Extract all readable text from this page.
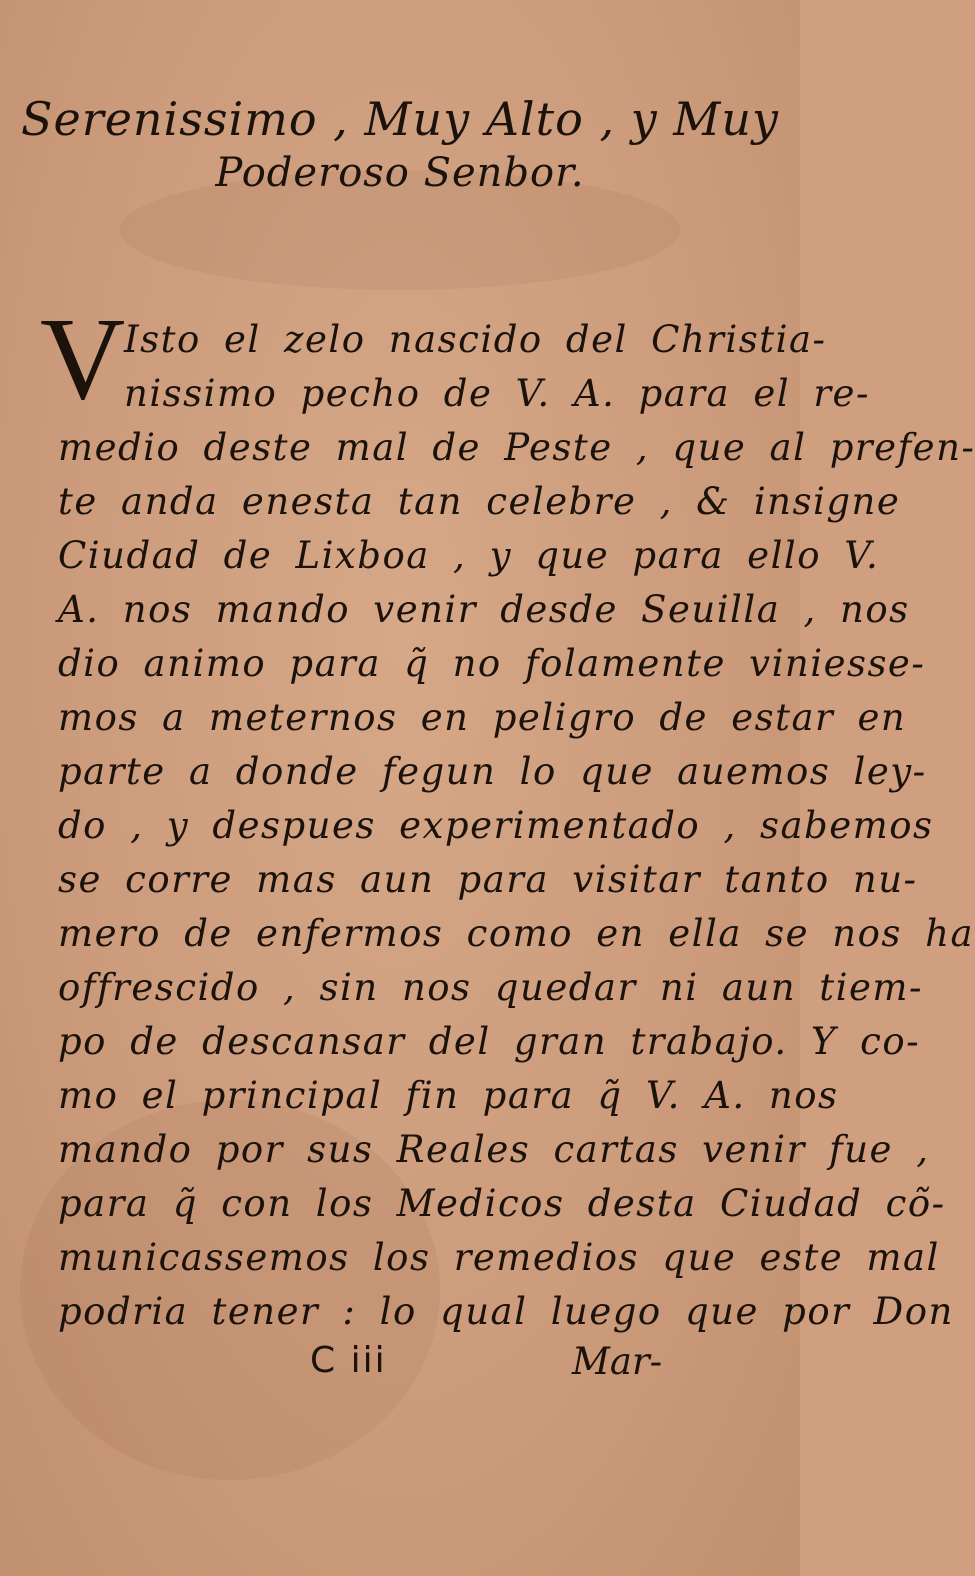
Serenissimo , Muy Alto , y Muy
Poderoso Senbor.
V
Isto el zelo nascido del Christia-
nissimo pecho de V. A. para el re-
medio deste mal de Peste , que al prefen-
te anda enesta tan celebre , & insigne
Ciudad de Lixboa , y que para ello V.
A. nos mando venir desde Seuilla , nos
dio animo para q̃ no folamente viniesse-
mos a meternos en peligro de estar en
parte a donde fegun lo que auemos ley-
do , y despues experimentado , sabemos
se corre mas aun para visitar tanto nu-
mero de enfermos como en ella se nos ha
offrescido , sin nos quedar ni aun tiem-
po de descansar del gran trabajo. Y co-
mo el principal fin para q̃ V. A. nos
mando por sus Reales cartas venir fue ,
para q̃ con los Medicos desta Ciudad cõ-
municassemos los remedios que este mal
podria tener : lo qual luego que por Don
C iii	Mar-
